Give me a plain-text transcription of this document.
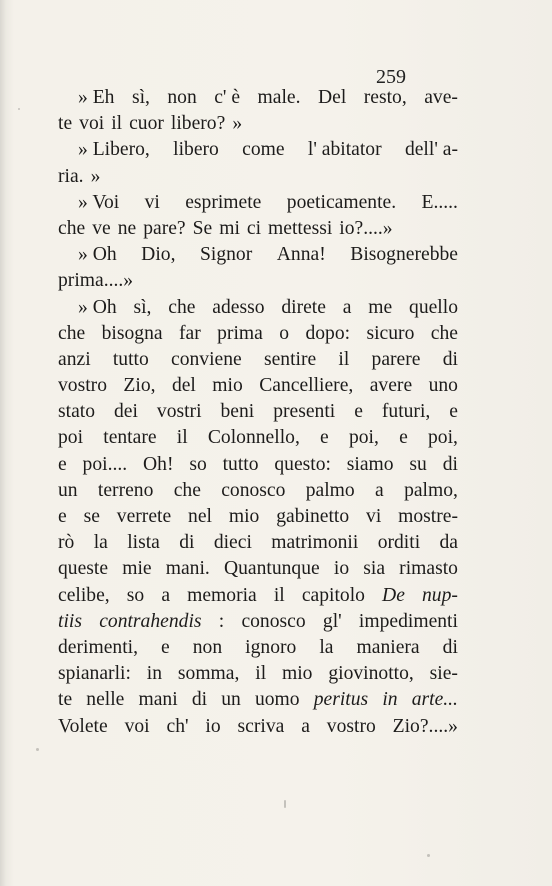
259
» Eh sì, non c' è male. Del resto, ave-
te voi il cuor libero? »
» Libero, libero come l' abitator dell' a-
ria. »
» Voi vi esprimete poeticamente. E.....
che ve ne pare? Se mi ci mettessi io?....»
» Oh Dio, Signor Anna! Bisognerebbe
prima....»
» Oh sì, che adesso direte a me quello
che bisogna far prima o dopo: sicuro che
anzi tutto conviene sentire il parere di
vostro Zio, del mio Cancelliere, avere uno
stato dei vostri beni presenti e futuri, e
poi tentare il Colonnello, e poi, e poi,
e poi.... Oh! so tutto questo: siamo su di
un terreno che conosco palmo a palmo,
e se verrete nel mio gabinetto vi mostre-
rò la lista di dieci matrimonii orditi da
queste mie mani. Quantunque io sia rimasto
celibe, so a memoria il capitolo De nup-
tiis contrahendis : conosco gl' impedimenti
derimenti, e non ignoro la maniera di
spianarli: in somma, il mio giovinotto, sie-
te nelle mani di un uomo peritus in arte...
Volete voi ch' io scriva a vostro Zio?....»
